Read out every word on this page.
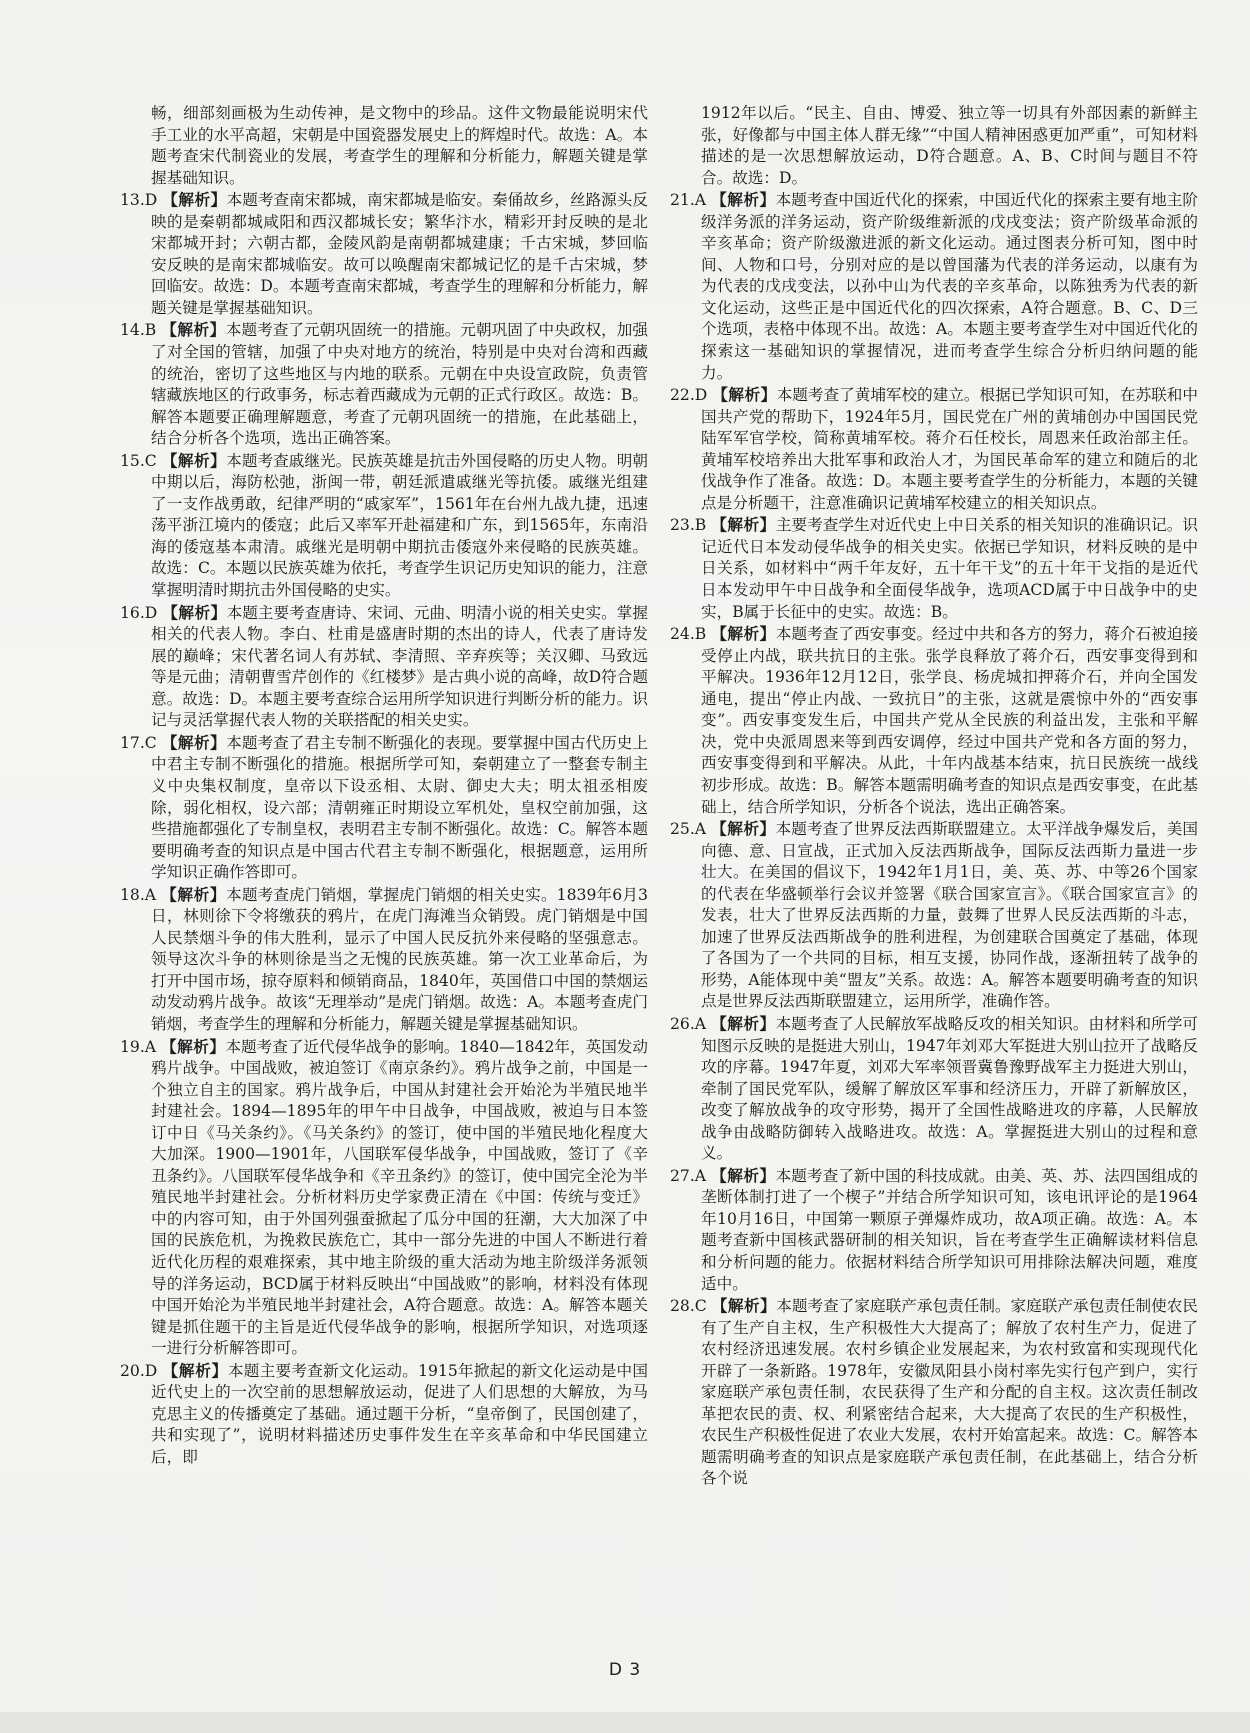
畅，细部刻画极为生动传神，是文物中的珍品。这件文物最能说明宋代手工业的水平高超，宋朝是中国瓷器发展史上的辉煌时代。故选：A。本题考查宋代制瓷业的发展，考查学生的理解和分析能力，解题关键是掌握基础知识。

13.D 【解析】本题考查南宋都城，南宋都城是临安。秦俑故乡，丝路源头反映的是秦朝都城咸阳和西汉都城长安；繁华汴水，精彩开封反映的是北宋都城开封；六朝古都，金陵风韵是南朝都城建康；千古宋城，梦回临安反映的是南宋都城临安。故可以唤醒南宋都城记忆的是千古宋城，梦回临安。故选：D。本题考查南宋都城，考查学生的理解和分析能力，解题关键是掌握基础知识。

14.B 【解析】本题考查了元朝巩固统一的措施。元朝巩固了中央政权，加强了对全国的管辖，加强了中央对地方的统治，特别是中央对台湾和西藏的统治，密切了这些地区与内地的联系。元朝在中央设宣政院，负责管辖藏族地区的行政事务，标志着西藏成为元朝的正式行政区。故选：B。解答本题要正确理解题意，考查了元朝巩固统一的措施，在此基础上，结合分析各个选项，选出正确答案。

15.C 【解析】本题考查戚继光。民族英雄是抗击外国侵略的历史人物。明朝中期以后，海防松弛，浙闽一带，朝廷派遣戚继光等抗倭。戚继光组建了一支作战勇敢，纪律严明的“戚家军”，1561年在台州九战九捷，迅速荡平浙江境内的倭寇；此后又率军开赴福建和广东，到1565年，东南沿海的倭寇基本肃清。戚继光是明朝中期抗击倭寇外来侵略的民族英雄。故选：C。本题以民族英雄为依托，考查学生识记历史知识的能力，注意掌握明清时期抗击外国侵略的史实。

16.D 【解析】本题主要考查唐诗、宋词、元曲、明清小说的相关史实。掌握相关的代表人物。李白、杜甫是盛唐时期的杰出的诗人，代表了唐诗发展的巅峰；宋代著名词人有苏轼、李清照、辛弃疾等；关汉卿、马致远等是元曲；清朝曹雪芹创作的《红楼梦》是古典小说的高峰，故D符合题意。故选：D。本题主要考查综合运用所学知识进行判断分析的能力。识记与灵活掌握代表人物的关联搭配的相关史实。

17.C 【解析】本题考查了君主专制不断强化的表现。要掌握中国古代历史上中君主专制不断强化的措施。根据所学可知，秦朝建立了一整套专制主义中央集权制度，皇帝以下设丞相、太尉、御史大夫；明太祖丞相废除，弱化相权，设六部；清朝雍正时期设立军机处，皇权空前加强，这些措施都强化了专制皇权，表明君主专制不断强化。故选：C。解答本题要明确考查的知识点是中国古代君主专制不断强化，根据题意，运用所学知识正确作答即可。

18.A 【解析】本题考查虎门销烟，掌握虎门销烟的相关史实。1839年6月3日，林则徐下令将缴获的鸦片，在虎门海滩当众销毁。虎门销烟是中国人民禁烟斗争的伟大胜利，显示了中国人民反抗外来侵略的坚强意志。领导这次斗争的林则徐是当之无愧的民族英雄。第一次工业革命后，为打开中国市场，掠夺原料和倾销商品，1840年，英国借口中国的禁烟运动发动鸦片战争。故该“无理举动”是虎门销烟。故选：A。本题考查虎门销烟，考查学生的理解和分析能力，解题关键是掌握基础知识。

19.A 【解析】本题考查了近代侵华战争的影响。1840—1842年，英国发动鸦片战争。中国战败，被迫签订《南京条约》。鸦片战争之前，中国是一个独立自主的国家。鸦片战争后，中国从封建社会开始沦为半殖民地半封建社会。1894—1895年的甲午中日战争，中国战败，被迫与日本签订中日《马关条约》。《马关条约》的签订，使中国的半殖民地化程度大大加深。1900—1901年，八国联军侵华战争，中国战败，签订了《辛丑条约》。八国联军侵华战争和《辛丑条约》的签订，使中国完全沦为半殖民地半封建社会。分析材料历史学家费正清在《中国：传统与变迁》中的内容可知，由于外国列强蚕掀起了瓜分中国的狂潮，大大加深了中国的民族危机，为挽救民族危亡，其中一部分先进的中国人不断进行着近代化历程的艰难探索，其中地主阶级的重大活动为地主阶级洋务派领导的洋务运动，BCD属于材料反映出“中国战败”的影响，材料没有体现中国开始沦为半殖民地半封建社会，A符合题意。故选：A。解答本题关键是抓住题干的主旨是近代侵华战争的影响，根据所学知识，对选项逐一进行分析解答即可。

20.D 【解析】本题主要考查新文化运动。1915年掀起的新文化运动是中国近代史上的一次空前的思想解放运动，促进了人们思想的大解放，为马克思主义的传播奠定了基础。通过题干分析，“皇帝倒了，民国创建了，共和实现了”，说明材料描述历史事件发生在辛亥革命和中华民国建立后，即

1912年以后。“民主、自由、博爱、独立等一切具有外部因素的新鲜主张，好像都与中国主体人群无缘”“中国人精神困惑更加严重”，可知材料描述的是一次思想解放运动，D符合题意。A、B、C时间与题目不符合。故选：D。

21.A 【解析】本题考查中国近代化的探索，中国近代化的探索主要有地主阶级洋务派的洋务运动，资产阶级维新派的戊戌变法；资产阶级革命派的辛亥革命；资产阶级激进派的新文化运动。通过图表分析可知，图中时间、人物和口号，分别对应的是以曾国藩为代表的洋务运动，以康有为为代表的戊戌变法，以孙中山为代表的辛亥革命，以陈独秀为代表的新文化运动，这些正是中国近代化的四次探索，A符合题意。B、C、D三个选项，表格中体现不出。故选：A。本题主要考查学生对中国近代化的探索这一基础知识的掌握情况，进而考查学生综合分析归纳问题的能力。

22.D 【解析】本题考查了黄埔军校的建立。根据已学知识可知，在苏联和中国共产党的帮助下，1924年5月，国民党在广州的黄埔创办中国国民党陆军军官学校，简称黄埔军校。蒋介石任校长，周恩来任政治部主任。黄埔军校培养出大批军事和政治人才，为国民革命军的建立和随后的北伐战争作了准备。故选：D。本题主要考查学生的分析能力，本题的关键点是分析题干，注意准确识记黄埔军校建立的相关知识点。

23.B 【解析】主要考查学生对近代史上中日关系的相关知识的准确识记。识记近代日本发动侵华战争的相关史实。依据已学知识，材料反映的是中日关系，如材料中“两千年友好，五十年干戈”的五十年干戈指的是近代日本发动甲午中日战争和全面侵华战争，选项ACD属于中日战争中的史实，B属于长征中的史实。故选：B。

24.B 【解析】本题考查了西安事变。经过中共和各方的努力，蒋介石被迫接受停止内战，联共抗日的主张。张学良释放了蒋介石，西安事变得到和平解决。1936年12月12日，张学良、杨虎城扣押蒋介石，并向全国发通电，提出“停止内战、一致抗日”的主张，这就是震惊中外的“西安事变”。西安事变发生后，中国共产党从全民族的利益出发，主张和平解决，党中央派周恩来等到西安调停，经过中国共产党和各方面的努力，西安事变得到和平解决。从此，十年内战基本结束，抗日民族统一战线初步形成。故选：B。解答本题需明确考查的知识点是西安事变，在此基础上，结合所学知识，分析各个说法，选出正确答案。

25.A 【解析】本题考查了世界反法西斯联盟建立。太平洋战争爆发后，美国向德、意、日宣战，正式加入反法西斯战争，国际反法西斯力量进一步壮大。在美国的倡议下，1942年1月1日，美、英、苏、中等26个国家的代表在华盛顿举行会议并签署《联合国家宣言》。《联合国家宣言》的发表，壮大了世界反法西斯的力量，鼓舞了世界人民反法西斯的斗志，加速了世界反法西斯战争的胜利进程，为创建联合国奠定了基础，体现了各国为了一个共同的目标，相互支援，协同作战，逐渐扭转了战争的形势，A能体现中美“盟友”关系。故选：A。解答本题要明确考查的知识点是世界反法西斯联盟建立，运用所学，准确作答。

26.A 【解析】本题考查了人民解放军战略反攻的相关知识。由材料和所学可知图示反映的是挺进大别山，1947年刘邓大军挺进大别山拉开了战略反攻的序幕。1947年夏，刘邓大军率领晋冀鲁豫野战军主力挺进大别山，牵制了国民党军队，缓解了解放区军事和经济压力，开辟了新解放区，改变了解放战争的攻守形势，揭开了全国性战略进攻的序幕，人民解放战争由战略防御转入战略进攻。故选：A。掌握挺进大别山的过程和意义。

27.A 【解析】本题考查了新中国的科技成就。由美、英、苏、法四国组成的垄断体制打进了一个楔子”并结合所学知识可知，该电讯评论的是1964年10月16日，中国第一颗原子弹爆炸成功，故A项正确。故选：A。本题考查新中国核武器研制的相关知识，旨在考查学生正确解读材料信息和分析问题的能力。依据材料结合所学知识可用排除法解决问题，难度适中。

28.C 【解析】本题考查了家庭联产承包责任制。家庭联产承包责任制使农民有了生产自主权，生产积极性大大提高了；解放了农村生产力，促进了农村经济迅速发展。农村乡镇企业发展起来，为农村致富和实现现代化开辟了一条新路。1978年，安徽凤阳县小岗村率先实行包产到户，实行家庭联产承包责任制，农民获得了生产和分配的自主权。这次责任制改革把农民的责、权、利紧密结合起来，大大提高了农民的生产积极性，农民生产积极性促进了农业大发展，农村开始富起来。故选：C。解答本题需明确考查的知识点是家庭联产承包责任制，在此基础上，结合分析各个说

D 3
